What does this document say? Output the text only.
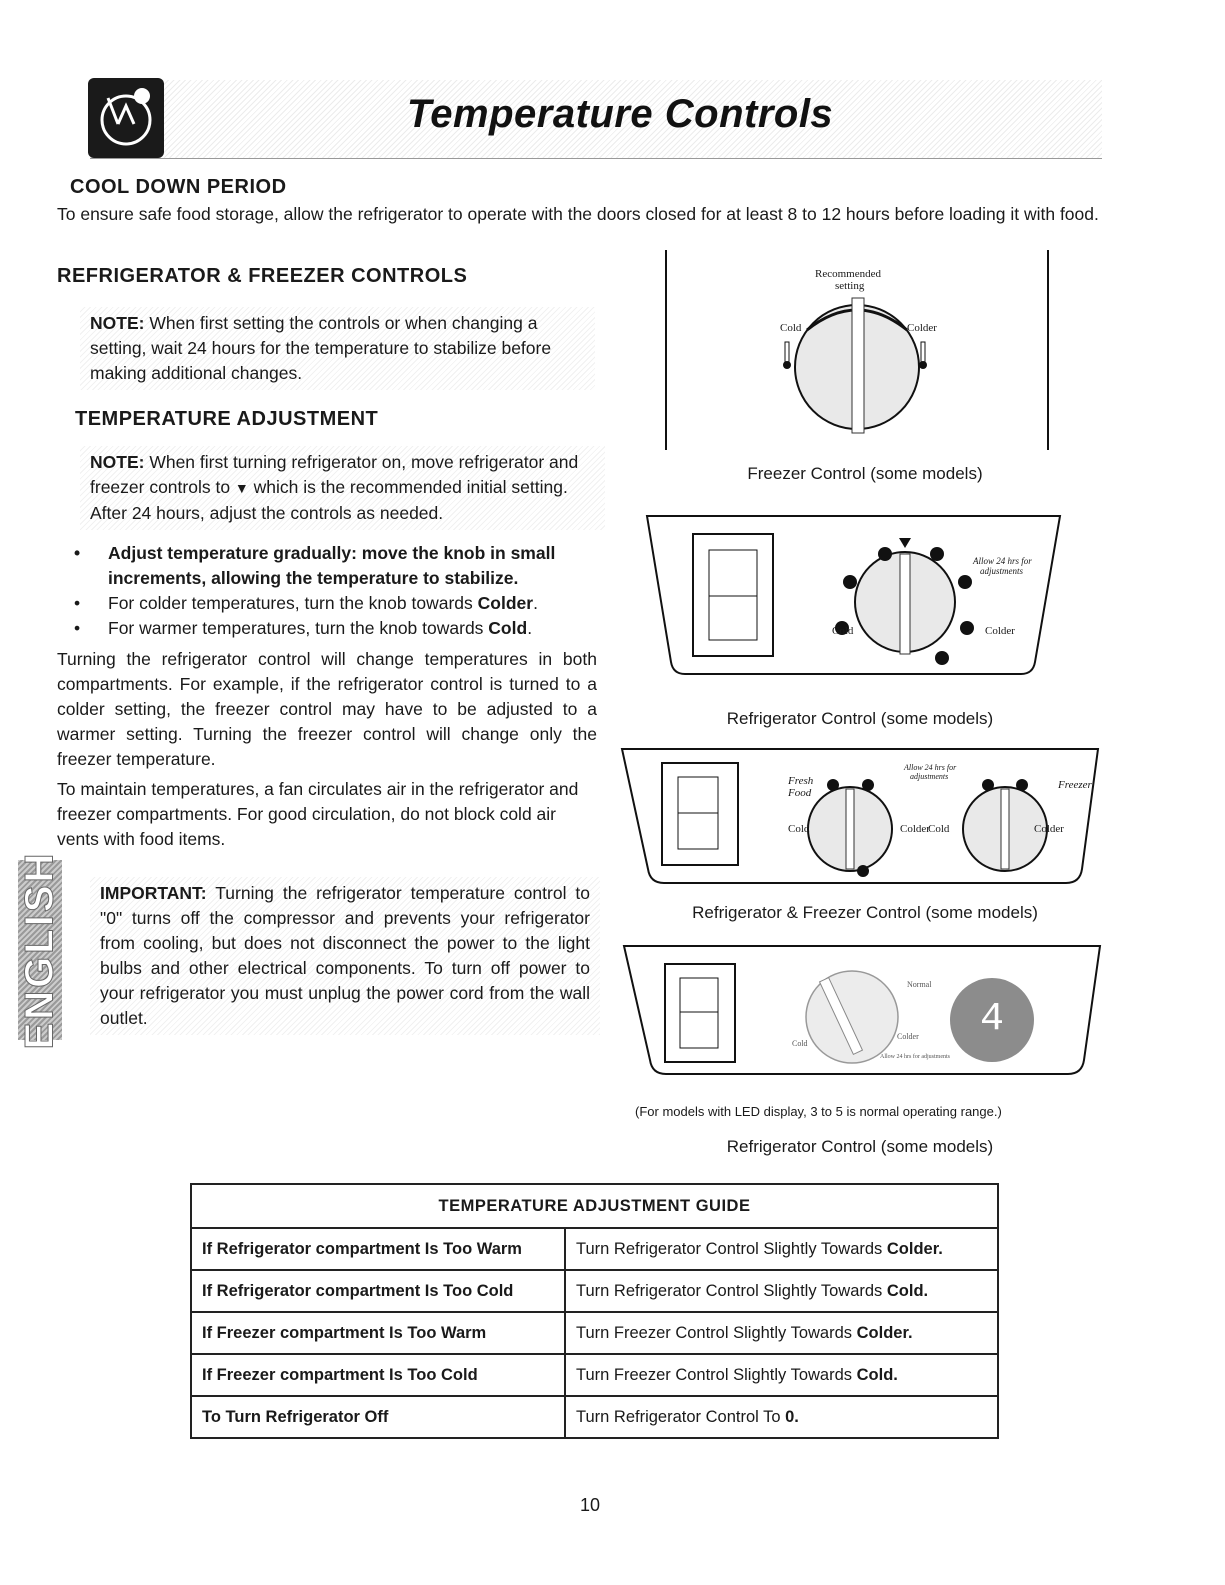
Temperature Controls
COOL DOWN PERIOD

To ensure safe food storage, allow the refrigerator to operate with the doors closed for at least 8 to 12 hours before loading it with food.

REFRIGERATOR & FREEZER CONTROLS
NOTE: When first setting the controls or when changing a setting, wait 24 hours for the temperature to stabilize before making additional changes.
TEMPERATURE ADJUSTMENT
NOTE: When first turning refrigerator on, move refrigerator and freezer controls to ▼ which is the recommended initial setting. After 24 hours, adjust the controls as needed.
• Adjust temperature gradually: move the knob in small increments, allowing the temperature to stabilize.
• For colder temperatures, turn the knob towards Colder.
• For warmer temperatures, turn the knob towards Cold.

Turning the refrigerator control will change temperatures in both compartments. For example, if the refrigerator control is turned to a colder setting, the freezer control may have to be adjusted to a warmer setting. Turning the freezer control will change only the freezer temperature.

To maintain temperatures, a fan circulates air in the refrigerator and freezer compartments. For good circulation, do not block cold air vents with food items.

IMPORTANT: Turning the refrigerator temperature control to "0" turns off the compressor and prevents your refrigerator from cooling, but does not disconnect the power to the light bulbs and other electrical components. To turn off power to your refrigerator you must unplug the power cord from the wall outlet.
ENGLISH
Recommended
setting
Cold	Colder
Freezer Control (some models)
Cold	Colder
Allow 24 hrs for
adjustments
Refrigerator Control (some models)
Fresh
Food
Freezer
Cold	Colder
Cold	Colder
Allow 24 hrs for
adjustments
Refrigerator & Freezer Control (some models)
4
Normal
Colder
Cold
Allow 24 hrs for adjustments
(For models with LED display, 3 to 5 is normal operating range.)
Refrigerator Control (some models)
TEMPERATURE ADJUSTMENT GUIDE	
If Refrigerator compartment Is Too Warm	Turn Refrigerator Control Slightly Towards Colder.
If Refrigerator compartment Is Too Cold	Turn Refrigerator Control Slightly Towards Cold.
If Freezer compartment Is Too Warm	Turn Freezer Control Slightly Towards Colder.
If Freezer compartment Is Too Cold	Turn Freezer Control Slightly Towards Cold.
To Turn Refrigerator Off	Turn Refrigerator Control To 0.
10
